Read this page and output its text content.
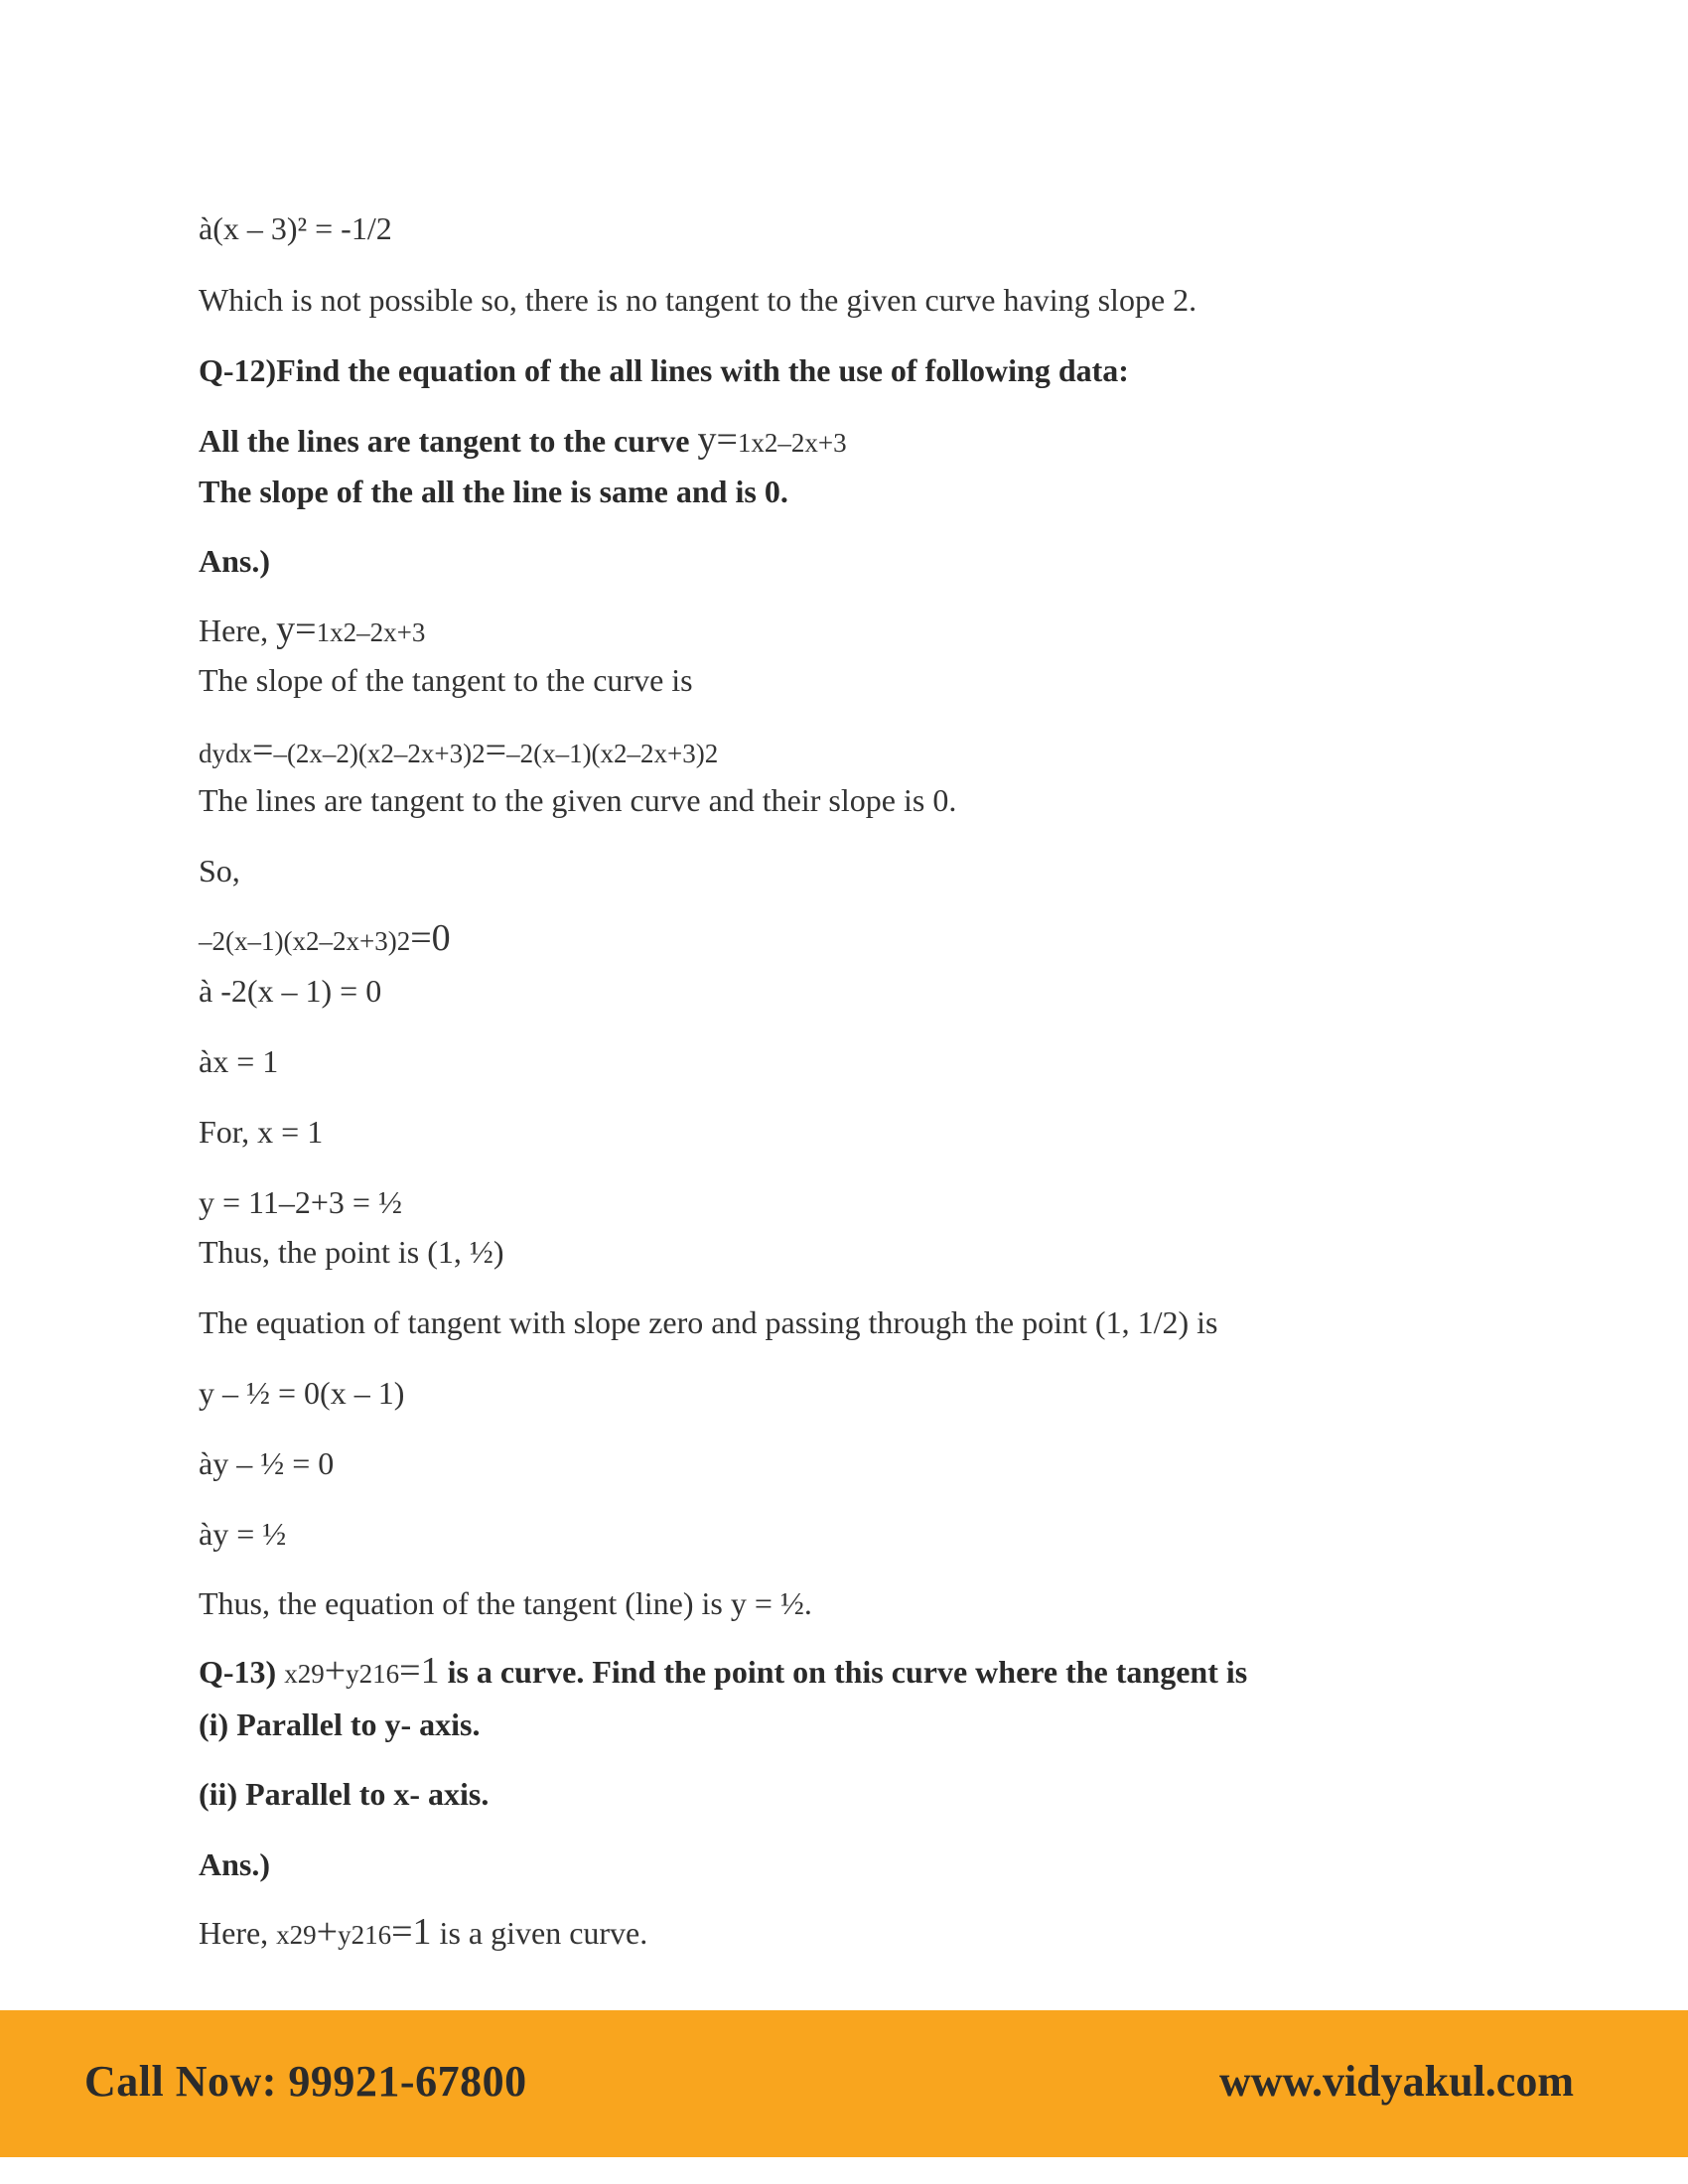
à(x – 3)² = -1/2

Which is not possible so, there is no tangent to the given curve having slope 2.

Q-12)Find the equation of the all lines with the use of following data:

All the lines are tangent to the curve y=1x2–2x+3

The slope of the all the line is same and is 0.

Ans.)

Here, y=1x2–2x+3

The slope of the tangent to the curve is

dydx=–(2x–2)(x2–2x+3)2=–2(x–1)(x2–2x+3)2

The lines are tangent to the given curve and their slope is 0.

So,

–2(x–1)(x2–2x+3)2=0

à -2(x – 1) = 0

àx = 1

For, x = 1

y = 11–2+3 = ½

Thus, the point is (1, ½)

The equation of tangent with slope zero and passing through the point (1, 1/2) is

y – ½ = 0(x – 1)

ày – ½ = 0

ày = ½

Thus, the equation of the tangent (line) is y = ½.

Q-13) x29+y216=1 is a curve. Find the point on this curve where the tangent is

(i) Parallel to y- axis.

(ii) Parallel to x- axis.

Ans.)

Here, x29+y216=1 is a given curve.

Call Now: 99921-67800	www.vidyakul.com
